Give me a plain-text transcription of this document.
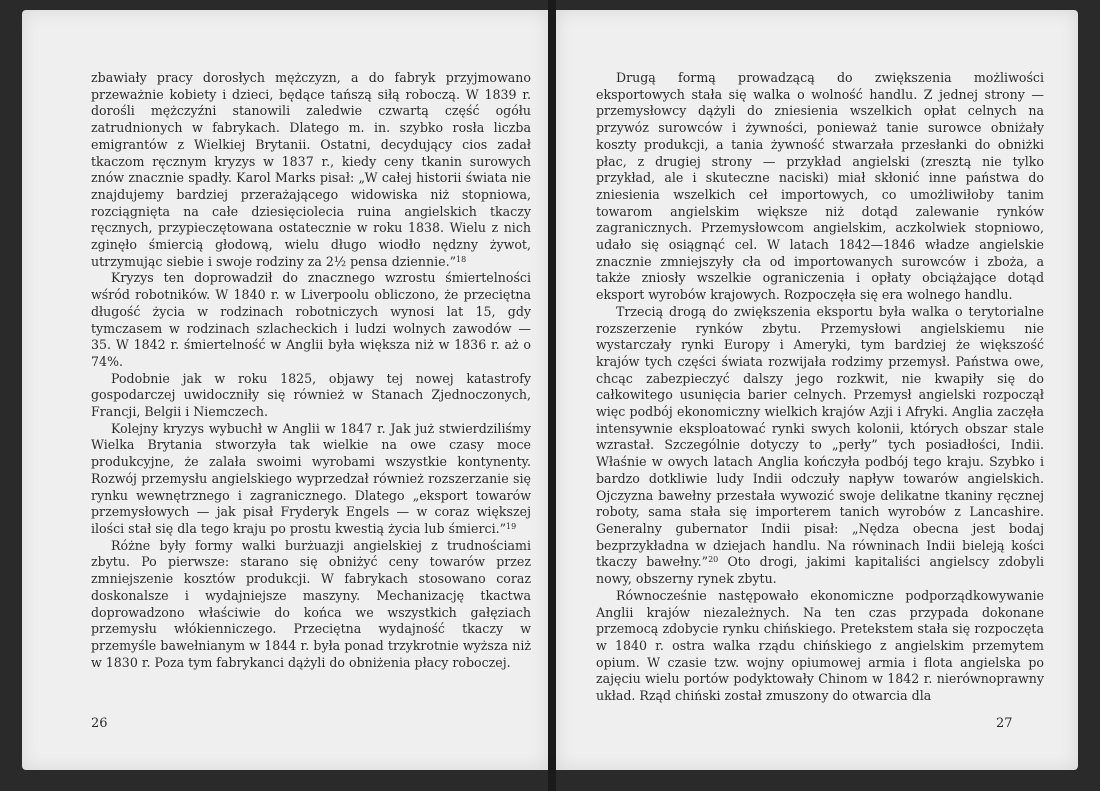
zbawiały pracy dorosłych mężczyzn, a do fabryk przyjmowano przeważnie kobiety i dzieci, będące tańszą siłą roboczą. W 1839 r. dorośli mężczyźni stanowili zaledwie czwartą część ogółu zatrudnionych w fabrykach. Dlatego m. in. szybko rosła liczba emigrantów z Wielkiej Brytanii. Ostatni, decydujący cios zadał tkaczom ręcznym kryzys w 1837 r., kiedy ceny tkanin surowych znów znacznie spadły. Karol Marks pisał: „W całej historii świata nie znajdujemy bardziej przerażającego widowiska niż stopniowa, rozciągnięta na całe dziesięciolecia ruina angielskich tkaczy ręcznych, przypieczętowana ostatecznie w roku 1838. Wielu z nich zginęło śmiercią głodową, wielu długo wiodło nędzny żywot, utrzymując siebie i swoje rodziny za 2½ pensa dziennie.”$^{18}$

Kryzys ten doprowadził do znacznego wzrostu śmiertelności wśród robotników. W 1840 r. w Liverpoolu obliczono, że przeciętna długość życia w rodzinach robotniczych wynosi lat 15, gdy tymczasem w rodzinach szlacheckich i ludzi wolnych zawodów — 35. W 1842 r. śmiertelność w Anglii była większa niż w 1836 r. aż o 74%.

Podobnie jak w roku 1825, objawy tej nowej katastrofy gospodarczej uwidoczniły się również w Stanach Zjednoczonych, Francji, Belgii i Niemczech.

Kolejny kryzys wybuchł w Anglii w 1847 r. Jak już stwierdziliśmy Wielka Brytania stworzyła tak wielkie na owe czasy moce produkcyjne, że zalała swoimi wyrobami wszystkie kontynenty. Rozwój przemysłu angielskiego wyprzedzał również rozszerzanie się rynku wewnętrznego i zagranicznego. Dlatego „eksport towarów przemysłowych — jak pisał Fryderyk Engels — w coraz większej ilości stał się dla tego kraju po prostu kwestią życia lub śmierci.”$^{19}$

Różne były formy walki burżuazji angielskiej z trudnościami zbytu. Po pierwsze: starano się obniżyć ceny towarów przez zmniejszenie kosztów produkcji. W fabrykach stosowano coraz doskonalsze i wydajniejsze maszyny. Mechanizację tkactwa doprowadzono właściwie do końca we wszystkich gałęziach przemysłu włókienniczego. Przeciętna wydajność tkaczy w przemyśle bawełnianym w 1844 r. była ponad trzykrotnie wyższa niż w 1830 r. Poza tym fabrykanci dążyli do obniżenia płacy roboczej.

26

Drugą formą prowadzącą do zwiększenia możliwości eksportowych stała się walka o wolność handlu. Z jednej strony — przemysłowcy dążyli do zniesienia wszelkich opłat celnych na przywóz surowców i żywności, ponieważ tanie surowce obniżały koszty produkcji, a tania żywność stwarzała przesłanki do obniżki płac, z drugiej strony — przykład angielski (zresztą nie tylko przykład, ale i skuteczne naciski) miał skłonić inne państwa do zniesienia wszelkich ceł importowych, co umożliwiłoby tanim towarom angielskim większe niż dotąd zalewanie rynków zagranicznych. Przemysłowcom angielskim, aczkolwiek stopniowo, udało się osiągnąć cel. W latach 1842—1846 władze angielskie znacznie zmniejszyły cła od importowanych surowców i zboża, a także zniosły wszelkie ograniczenia i opłaty obciążające dotąd eksport wyrobów krajowych. Rozpoczęła się era wolnego handlu.

Trzecią drogą do zwiększenia eksportu była walka o terytorialne rozszerzenie rynków zbytu. Przemysłowi angielskiemu nie wystarczały rynki Europy i Ameryki, tym bardziej że większość krajów tych części świata rozwijała rodzimy przemysł. Państwa owe, chcąc zabezpieczyć dalszy jego rozkwit, nie kwapiły się do całkowitego usunięcia barier celnych. Przemysł angielski rozpoczął więc podbój ekonomiczny wielkich krajów Azji i Afryki. Anglia zaczęła intensywnie eksploatować rynki swych kolonii, których obszar stale wzrastał. Szczególnie dotyczy to „perły” tych posiadłości, Indii. Właśnie w owych latach Anglia kończyła podbój tego kraju. Szybko i bardzo dotkliwie ludy Indii odczuły napływ towarów angielskich. Ojczyzna bawełny przestała wywozić swoje delikatne tkaniny ręcznej roboty, sama stała się importerem tanich wyrobów z Lancashire. Generalny gubernator Indii pisał: „Nędza obecna jest bodaj bezprzykładna w dziejach handlu. Na równinach Indii bieleją kości tkaczy bawełny.”$^{20}$ Oto drogi, jakimi kapitaliści angielscy zdobyli nowy, obszerny rynek zbytu.

Równocześnie następowało ekonomiczne podporządkowywanie Anglii krajów niezależnych. Na ten czas przypada dokonane przemocą zdobycie rynku chińskiego. Pretekstem stała się rozpoczęta w 1840 r. ostra walka rządu chińskiego z angielskim przemytem opium. W czasie tzw. wojny opiumowej armia i flota angielska po zajęciu wielu portów podyktowały Chinom w 1842 r. nierównoprawny układ. Rząd chiński został zmuszony do otwarcia dla

27
